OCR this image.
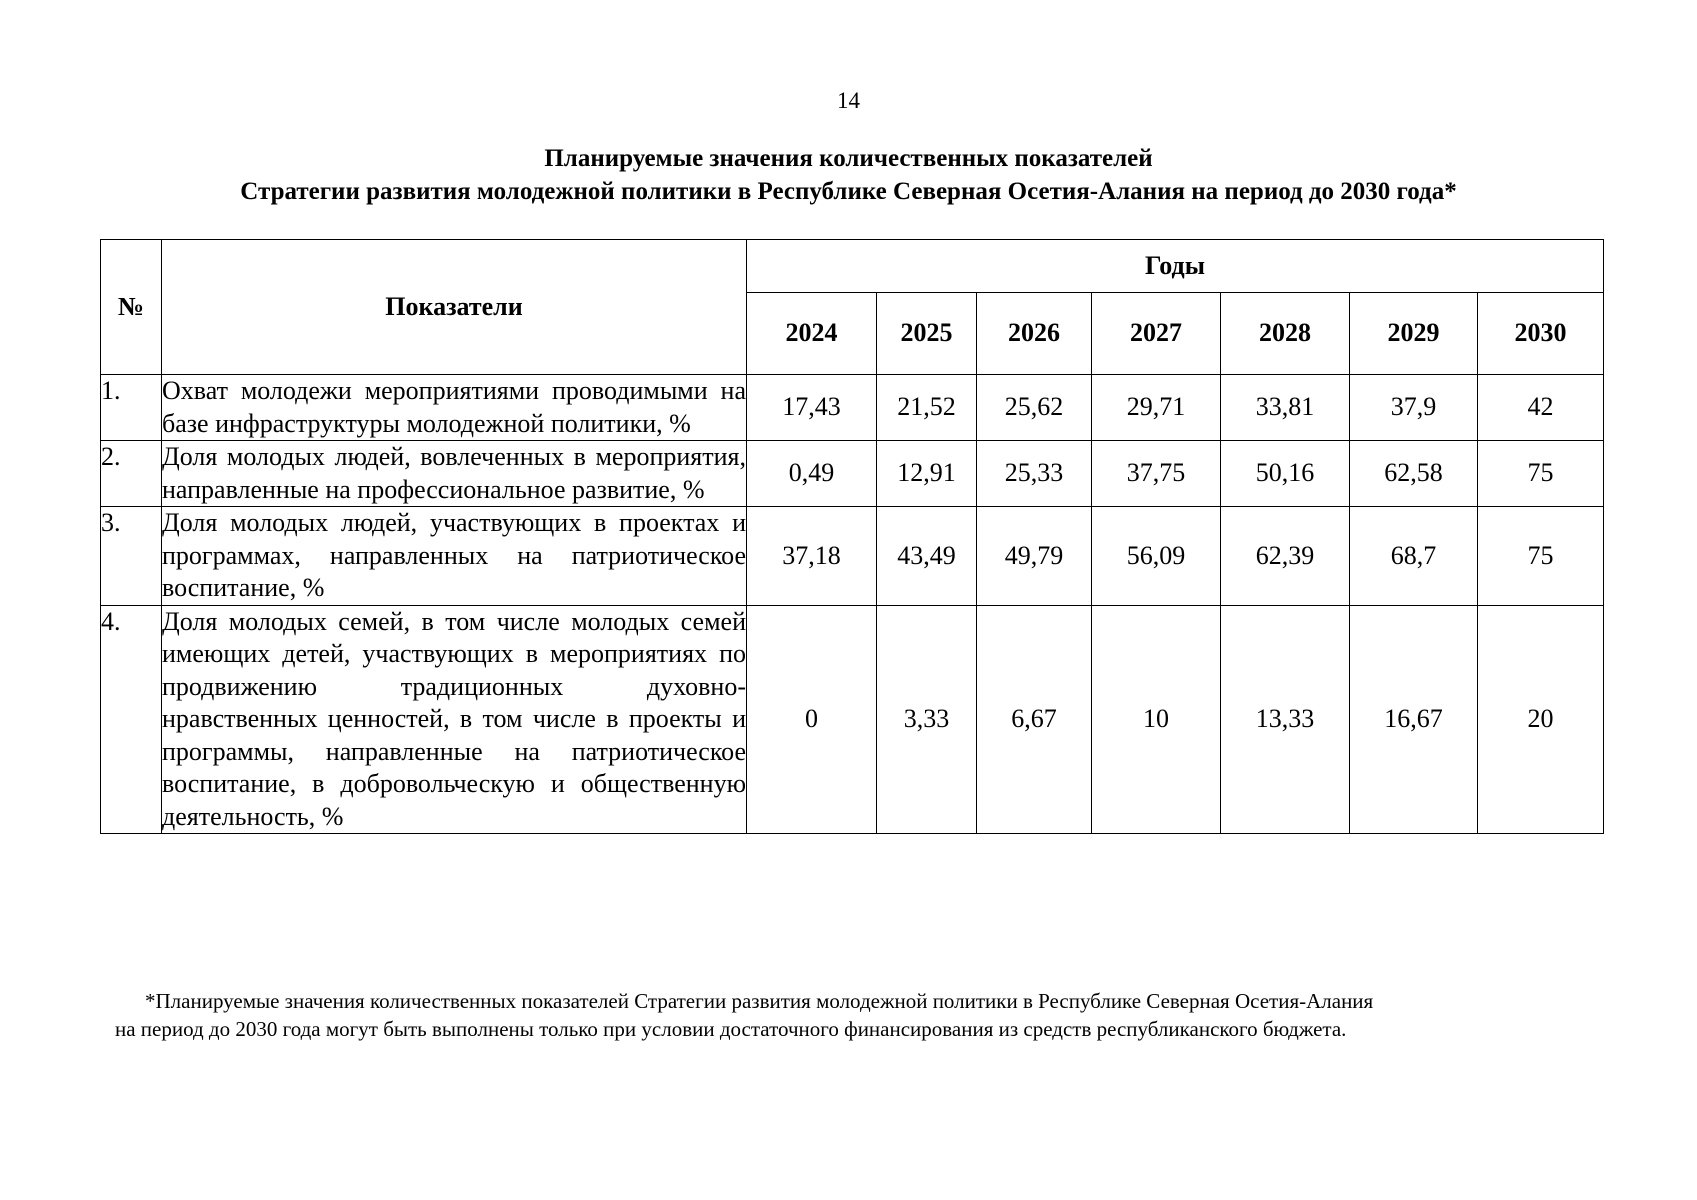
14
Планируемые значения количественных показателей
Стратегии развития молодежной политики в Республике Северная Осетия-Алания на период до 2030 года*
№	Показатели	Годы						
		2024	2025	2026	2027	2028	2029	2030
1.	Охват молодежи мероприятиями проводимыми на базе инфраструктуры молодежной политики, %	17,43	21,52	25,62	29,71	33,81	37,9	42
2.	Доля молодых людей, вовлеченных в мероприятия, направленные на профессиональное развитие, %	0,49	12,91	25,33	37,75	50,16	62,58	75
3.	Доля молодых людей, участвующих в проектах и программах, направленных на патриотическое воспитание, %	37,18	43,49	49,79	56,09	62,39	68,7	75
4.	Доля молодых семей, в том числе молодых семей имеющих детей, участвующих в мероприятиях по продвижению традиционных духовно-нравственных ценностей, в том числе в проекты и программы, направленные на патриотическое воспитание, в добровольческую и общественную деятельность, %	0	3,33	6,67	10	13,33	16,67	20
*Планируемые значения количественных показателей Стратегии развития молодежной политики в Республике Северная Осетия-Алания
на период до 2030 года могут быть выполнены только при условии достаточного финансирования из средств республиканского бюджета.
